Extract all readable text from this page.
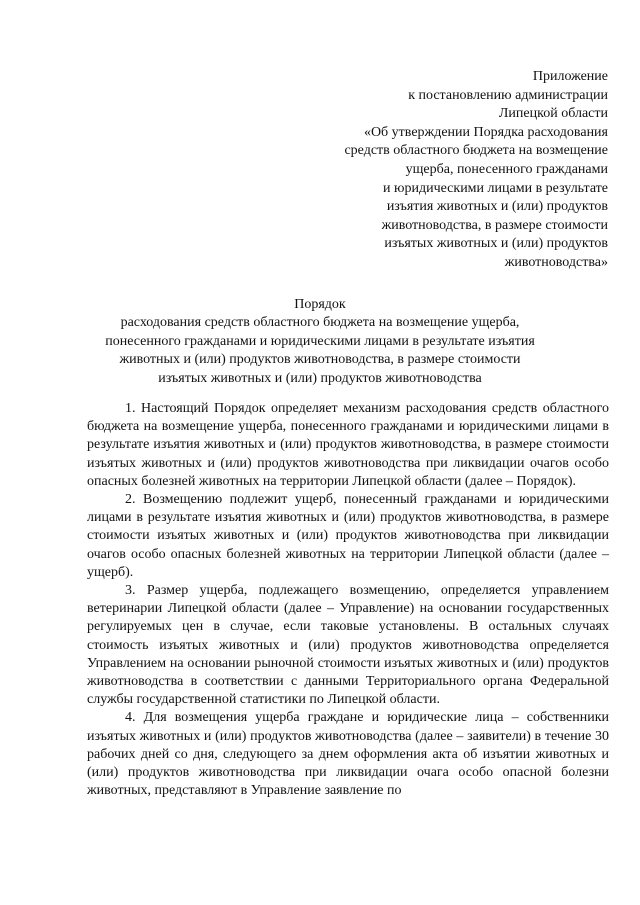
Приложение
к постановлению администрации
Липецкой области
«Об утверждении Порядка расходования
средств областного бюджета на возмещение
ущерба, понесенного гражданами
и юридическими лицами в результате
изъятия животных и (или) продуктов
животноводства, в размере стоимости
изъятых животных и (или) продуктов
животноводства»
Порядок
расходования средств областного бюджета на возмещение ущерба,
понесенного гражданами и юридическими лицами в результате изъятия
животных и (или) продуктов животноводства, в размере стоимости
изъятых животных и (или) продуктов животноводства

1. Настоящий Порядок определяет механизм расходования средств областного бюджета на возмещение ущерба, понесенного гражданами и юридическими лицами в результате изъятия животных и (или) продуктов животноводства, в размере стоимости изъятых животных и (или) продуктов животноводства при ликвидации очагов особо опасных болезней животных на территории Липецкой области (далее – Порядок).

2. Возмещению подлежит ущерб, понесенный гражданами и юридическими лицами в результате изъятия животных и (или) продуктов животноводства, в размере стоимости изъятых животных и (или) продуктов животноводства при ликвидации очагов особо опасных болезней животных на территории Липецкой области (далее – ущерб).

3. Размер ущерба, подлежащего возмещению, определяется управлением ветеринарии Липецкой области (далее – Управление) на основании государственных регулируемых цен в случае, если таковые установлены. В остальных случаях стоимость изъятых животных и (или) продуктов животноводства определяется Управлением на основании рыночной стоимости изъятых животных и (или) продуктов животноводства в соответствии с данными Территориального органа Федеральной службы государственной статистики по Липецкой области.

4. Для возмещения ущерба граждане и юридические лица – собственники изъятых животных и (или) продуктов животноводства (далее – заявители) в течение 30 рабочих дней со дня, следующего за днем оформления акта об изъятии животных и (или) продуктов животноводства при ликвидации очага особо опасной болезни животных, представляют в Управление заявление по
